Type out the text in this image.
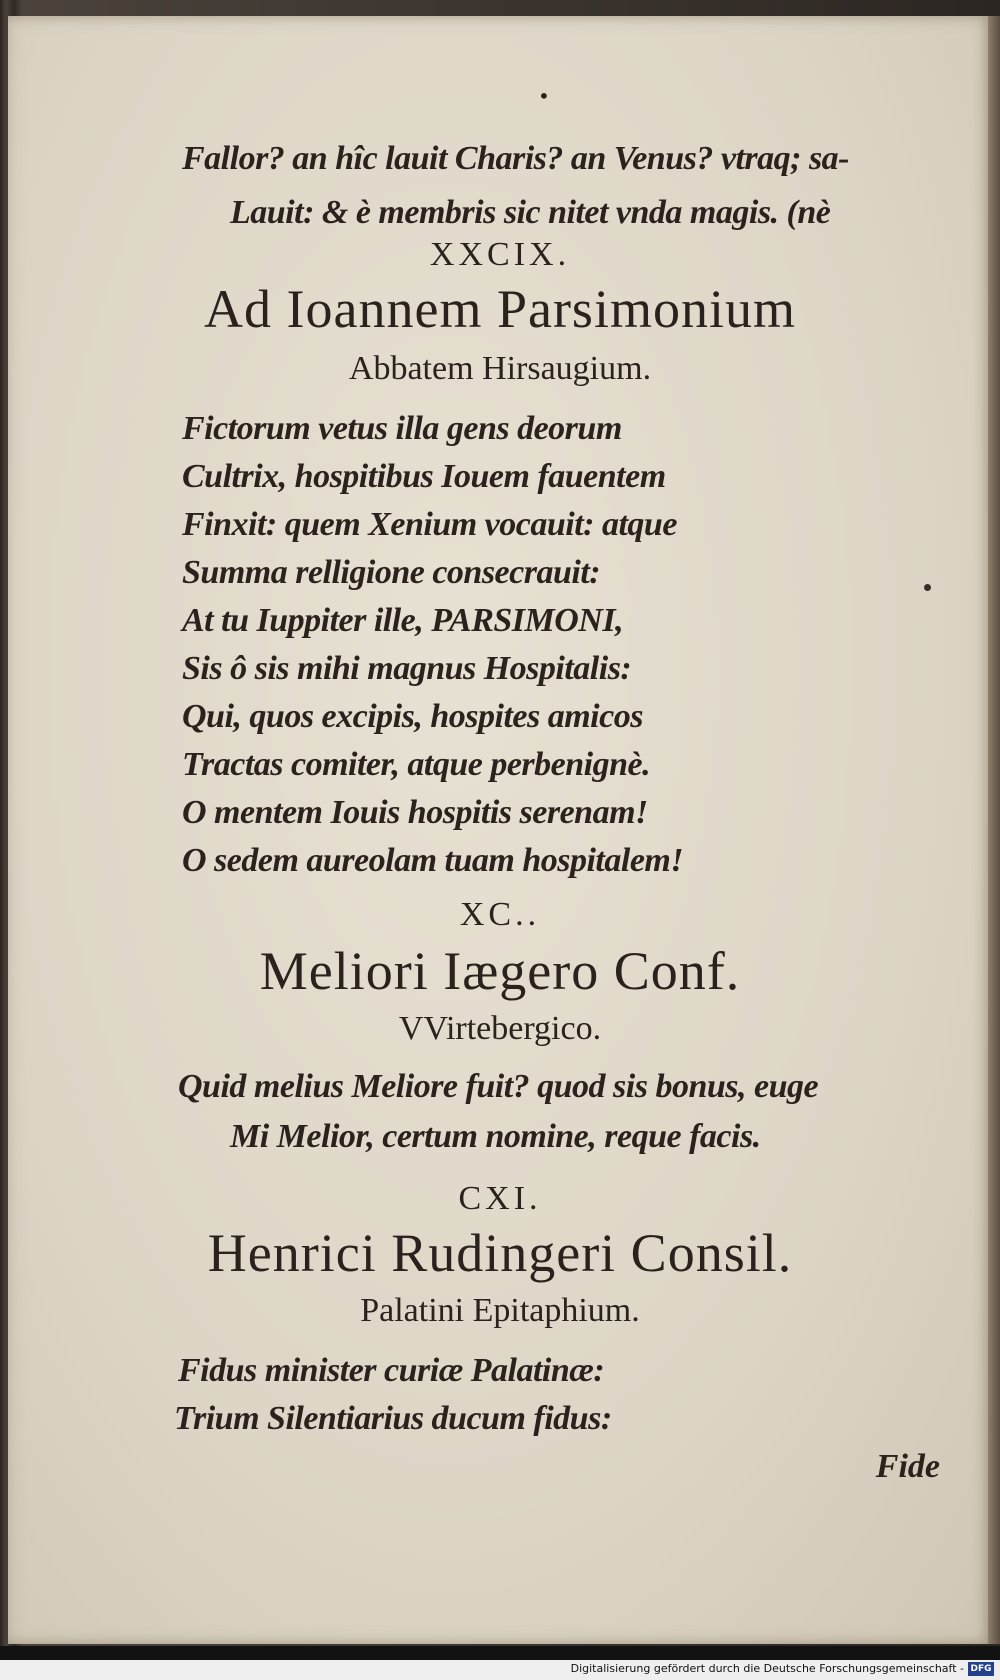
•
Fallor? an hîc lauit Charis? an Venus? vtraq; sa-
Lauit: & è membris sic nitet vnda magis. (nè
XXCIX.
Ad Ioannem Parsimonium
Abbatem Hirsaugium.
Fictorum vetus illa gens deorum
Cultrix, hospitibus Iouem fauentem
Finxit: quem Xenium vocauit: atque
Summa relligione consecrauit:
At tu Iuppiter ille, PARSIMONI,
Sis ô sis mihi magnus Hospitalis:
Qui, quos excipis, hospites amicos
Tractas comiter, atque perbenignè.
O mentem Iouis hospitis serenam!
O sedem aureolam tuam hospitalem!
XC..
Meliori Iægero Conf.
VVirtebergico.
Quid melius Meliore fuit? quod sis bonus, euge
Mi Melior, certum nomine, reque facis.
CXI.
Henrici Rudingeri Consil.
Palatini Epitaphium.
Fidus minister curiæ Palatinæ:
Trium Silentiarius ducum fidus:
Fide
Digitalisierung gefördert durch die Deutsche Forschungsgemeinschaft - DFG
